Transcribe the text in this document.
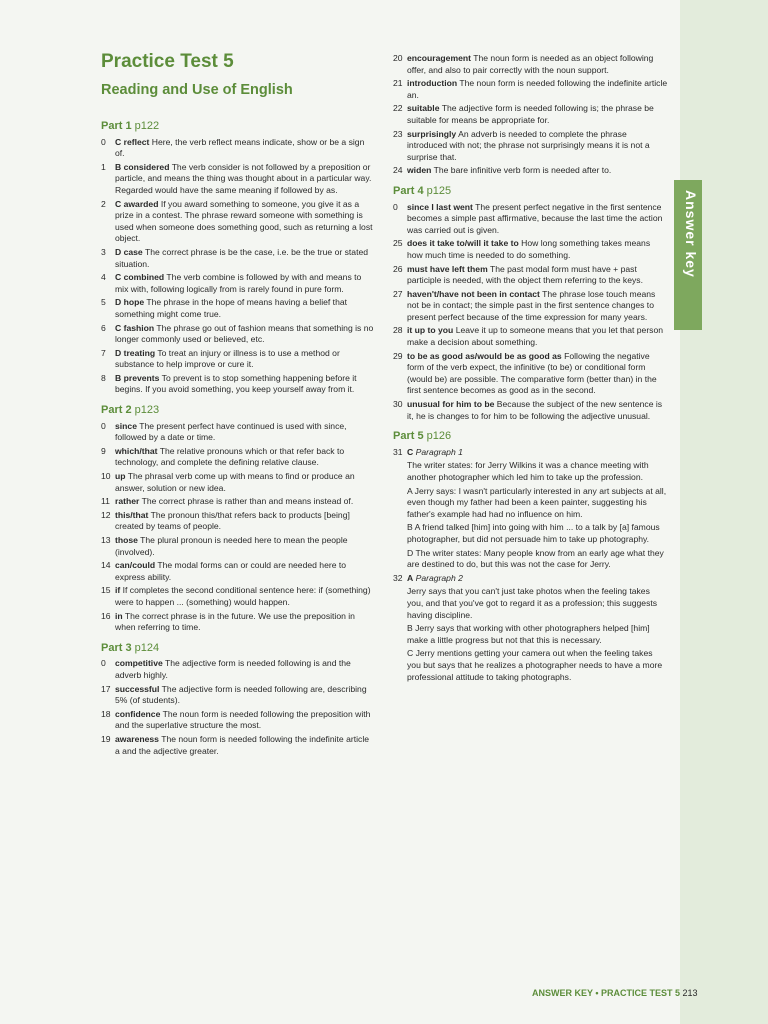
Answer key
Practice Test 5
Reading and Use of English
Part 1 p122
0	C reflect Here, the verb reflect means indicate, show or be a sign of.
1	B considered The verb consider is not followed by a preposition or particle, and means the thing was thought about in a particular way. Regarded would have the same meaning if followed by as.
2	C awarded If you award something to someone, you give it as a prize in a contest. The phrase reward someone with something is used when someone does something good, such as returning a lost object.
3	D case The correct phrase is be the case, i.e. be the true or stated situation.
4	C combined The verb combine is followed by with and means to mix with, following logically from is rarely found in pure form.
5	D hope The phrase in the hope of means having a belief that something might come true.
6	C fashion The phrase go out of fashion means that something is no longer commonly used or believed, etc.
7	D treating To treat an injury or illness is to use a method or substance to help improve or cure it.
8	B prevents To prevent is to stop something happening before it begins. If you avoid something, you keep yourself away from it.
Part 2 p123
0	since The present perfect have continued is used with since, followed by a date or time.
9	which/that The relative pronouns which or that refer back to technology, and complete the defining relative clause.
10 up The phrasal verb come up with means to find or produce an answer, solution or new idea.
11 rather The correct phrase is rather than and means instead of.
12 this/that The pronoun this/that refers back to products [being] created by teams of people.
13 those The plural pronoun is needed here to mean the people (involved).
14 can/could The modal forms can or could are needed here to express ability.
15 if If completes the second conditional sentence here: if (something) were to happen ... (something) would happen.
16 in The correct phrase is in the future. We use the preposition in when referring to time.
Part 3 p124
0	competitive The adjective form is needed following is and the adverb highly.
17 successful The adjective form is needed following are, describing 5% (of students).
18 confidence The noun form is needed following the preposition with and the superlative structure the most.
19 awareness The noun form is needed following the indefinite article a and the adjective greater.
20 encouragement The noun form is needed as an object following offer, and also to pair correctly with the noun support.
21 introduction The noun form is needed following the indefinite article an.
22 suitable The adjective form is needed following is; the phrase be suitable for means be appropriate for.
23 surprisingly An adverb is needed to complete the phrase introduced with not; the phrase not surprisingly means it is not a surprise that.
24 widen The bare infinitive verb form is needed after to.
Part 4 p125
0	since I last went The present perfect negative in the first sentence becomes a simple past affirmative, because the last time the action was carried out is given.
25 does it take to/will it take to How long something takes means how much time is needed to do something.
26 must have left them The past modal form must have + past participle is needed, with the object them referring to the keys.
27 haven't/have not been in contact The phrase lose touch means not be in contact; the simple past in the first sentence changes to present perfect because of the time expression for many years.
28 it up to you Leave it up to someone means that you let that person make a decision about something.
29 to be as good as/would be as good as Following the negative form of the verb expect, the infinitive (to be) or conditional form (would be) are possible. The comparative form (better than) in the first sentence becomes as good as in the second.
30 unusual for him to be Because the subject of the new sentence is it, he is changes to for him to be following the adjective unusual.
Part 5 p126
31 C Paragraph 1
The writer states: for Jerry Wilkins it was a chance meeting with another photographer which led him to take up the profession.
A Jerry says: I wasn't particularly interested in any art subjects at all, even though my father had been a keen painter, suggesting his father's example had had no influence on him.
B A friend talked [him] into going with him ... to a talk by [a] famous photographer, but did not persuade him to take up photography.
D The writer states: Many people know from an early age what they are destined to do, but this was not the case for Jerry.
32 A Paragraph 2
Jerry says that you can't just take photos when the feeling takes you, and that you've got to regard it as a profession; this suggests having discipline.
B Jerry says that working with other photographers helped [him] make a little progress but not that this is necessary.
C Jerry mentions getting your camera out when the feeling takes you but says that he realizes a photographer needs to have a more professional attitude to taking photographs.
ANSWER KEY • PRACTICE TEST 5 213
